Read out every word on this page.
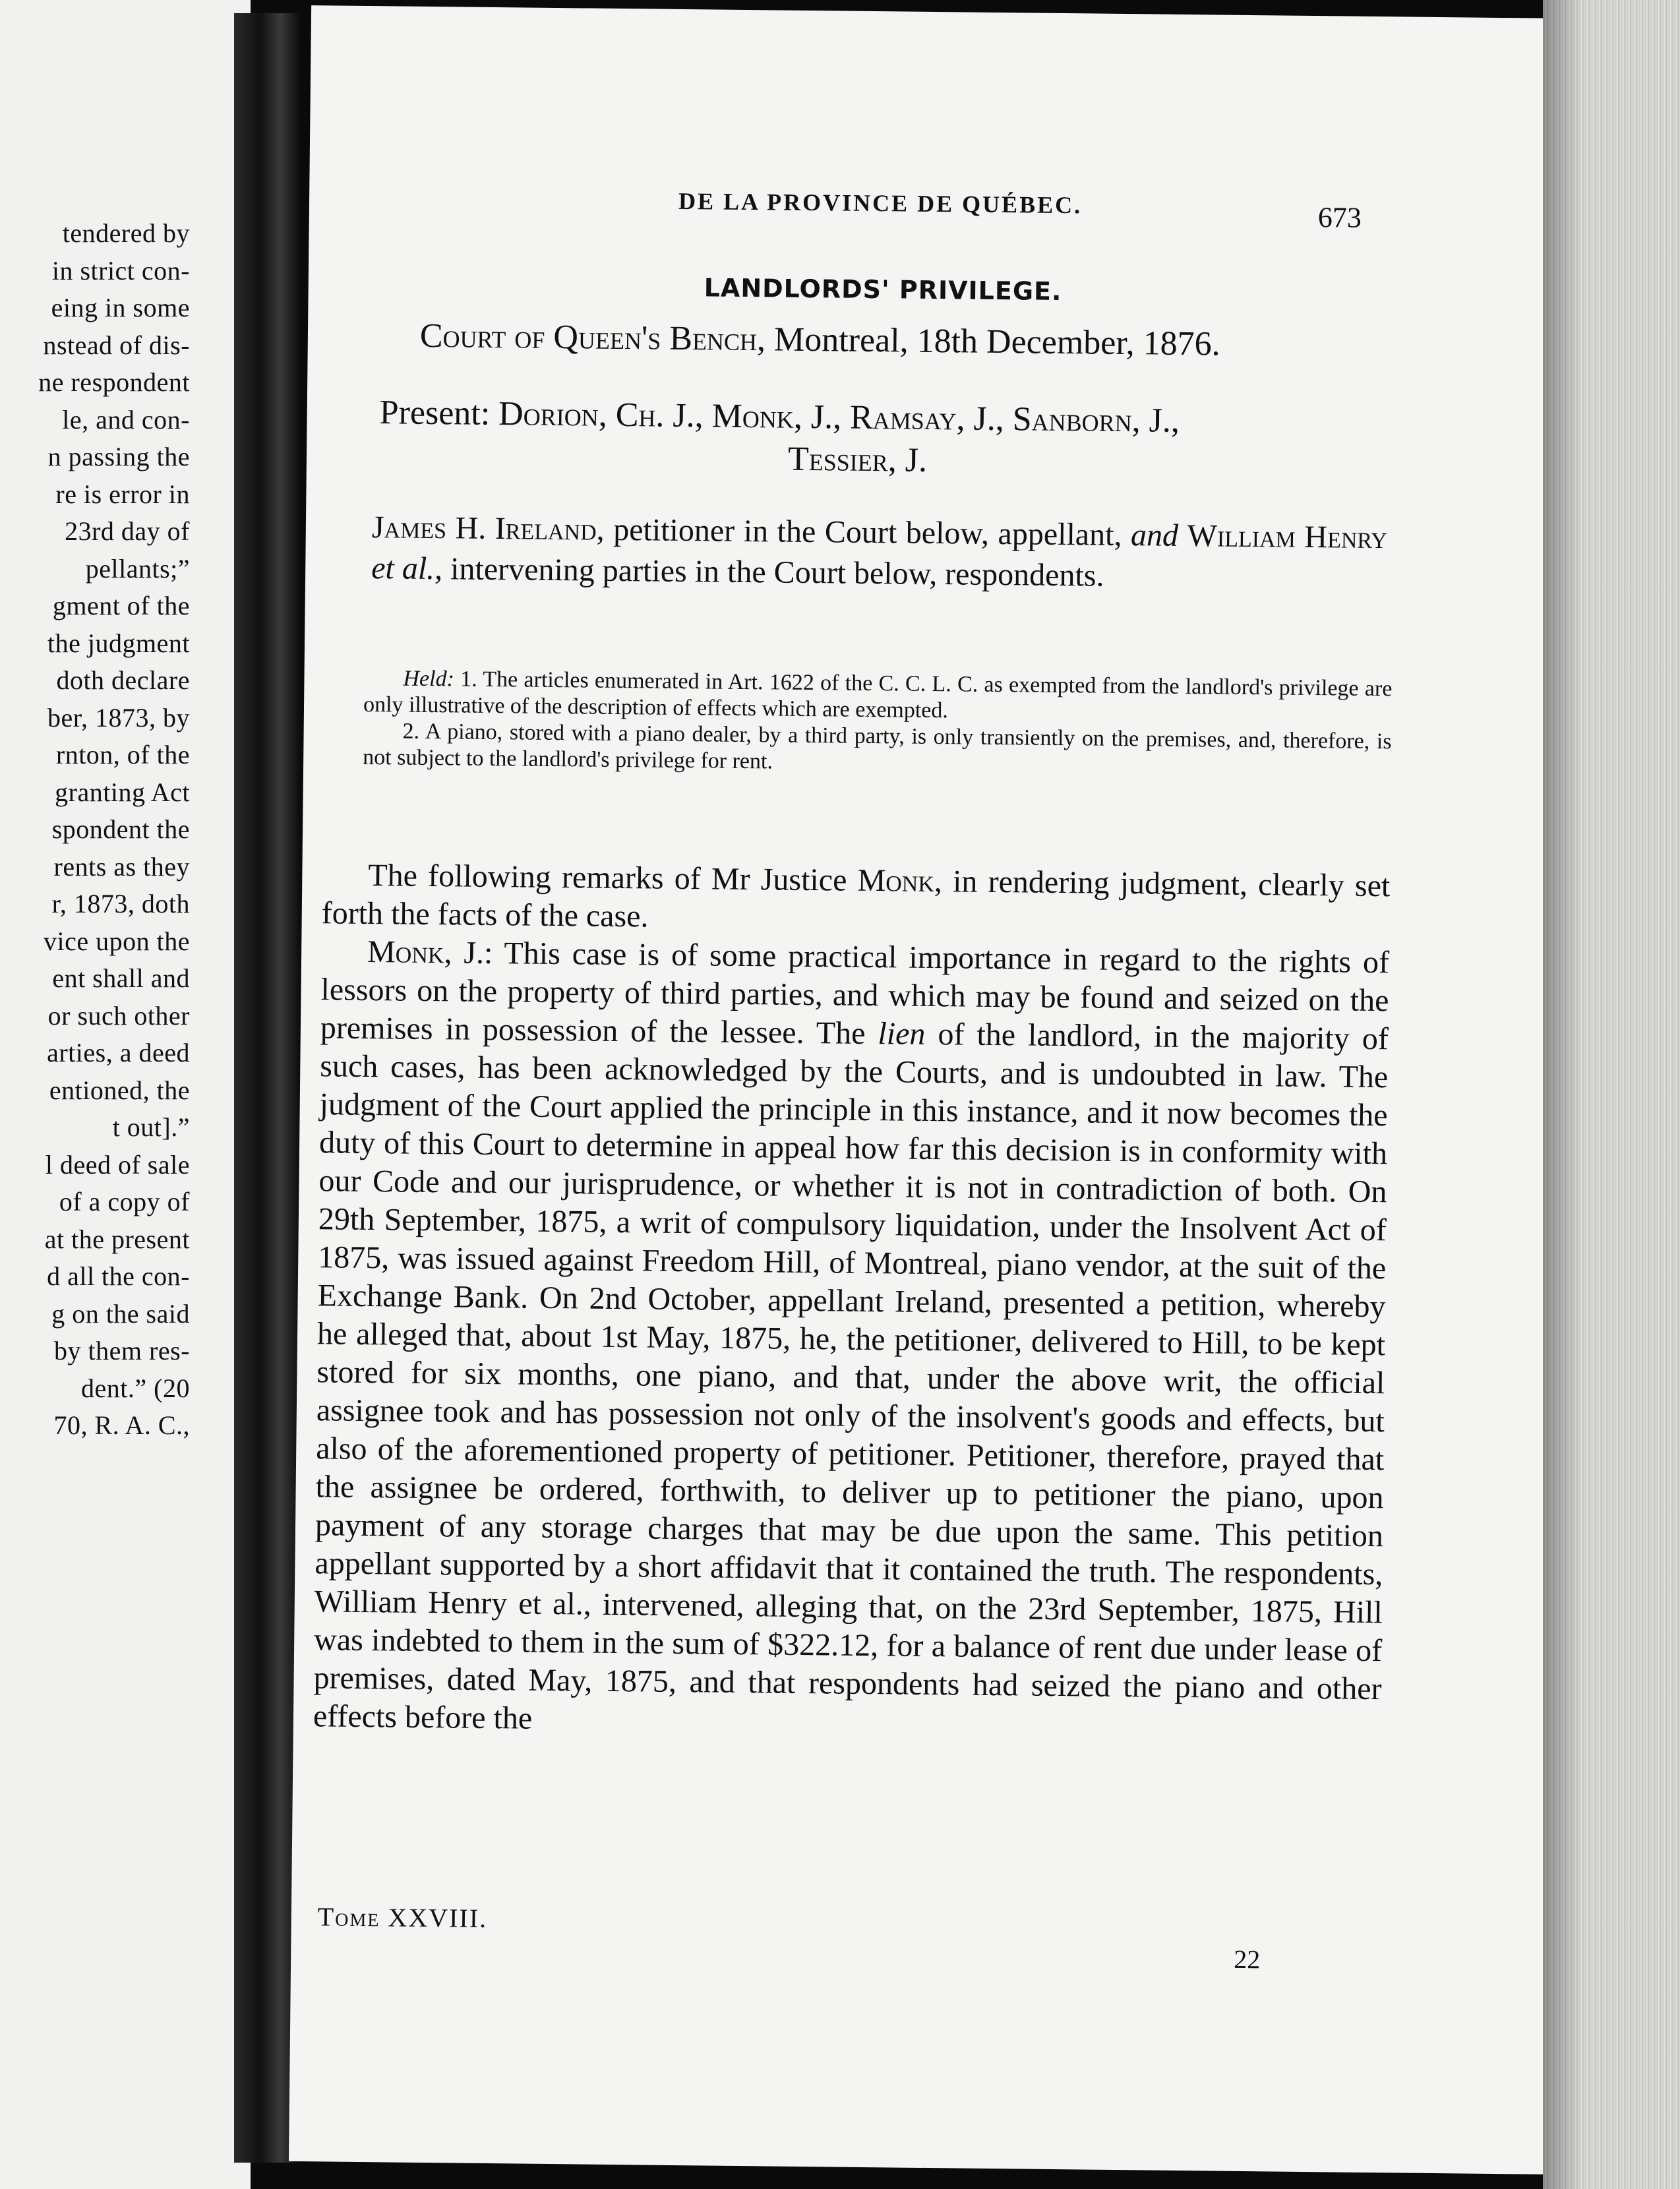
tendered by
in strict con-
eing in some
nstead of dis-
ne respondent
le, and con-
n passing the
re is error in
23rd day of
pellants;”
gment of the
the judgment
doth declare
ber, 1873, by
rnton, of the
granting Act
spondent the
rents as they
r, 1873, doth
vice upon the
ent shall and
or such other
arties, a deed
entioned, the
t out].”
l deed of sale
of a copy of
at the present
d all the con-
g on the said
by them res-
dent.” (20
70, R. A. C.,
DE LA PROVINCE DE QUÉBEC.	673
LANDLORDS' PRIVILEGE.
Court of Queen's Bench, Montreal, 18th December, 1876.
Present: Dorion, Ch. J., Monk, J., Ramsay, J., Sanborn, J.,
Tessier, J.
James H. Ireland, petitioner in the Court below, appellant, and William Henry et al., intervening parties in the Court below, respondents.
Held: 1. The articles enumerated in Art. 1622 of the C. C. L. C. as exempted from the landlord's privilege are only illustrative of the description of effects which are exempted.
2. A piano, stored with a piano dealer, by a third party, is only transiently on the premises, and, therefore, is not subject to the landlord's privilege for rent.

The following remarks of Mr Justice Monk, in rendering judgment, clearly set forth the facts of the case.

Monk, J.: This case is of some practical importance in regard to the rights of lessors on the property of third parties, and which may be found and seized on the premises in possession of the lessee. The lien of the landlord, in the majority of such cases, has been acknowledged by the Courts, and is undoubted in law. The judgment of the Court applied the principle in this instance, and it now becomes the duty of this Court to determine in appeal how far this decision is in conformity with our Code and our jurisprudence, or whether it is not in contradiction of both. On 29th September, 1875, a writ of compulsory liquidation, under the Insolvent Act of 1875, was issued against Freedom Hill, of Montreal, piano vendor, at the suit of the Exchange Bank. On 2nd October, appellant Ireland, presented a petition, whereby he alleged that, about 1st May, 1875, he, the petitioner, delivered to Hill, to be kept stored for six months, one piano, and that, under the above writ, the official assignee took and has possession not only of the insolvent's goods and effects, but also of the aforementioned property of petitioner. Petitioner, therefore, prayed that the assignee be ordered, forthwith, to deliver up to petitioner the piano, upon payment of any storage charges that may be due upon the same. This petition appellant supported by a short affidavit that it contained the truth. The respondents, William Henry et al., intervened, alleging that, on the 23rd September, 1875, Hill was indebted to them in the sum of $322.12, for a balance of rent due under lease of premises, dated May, 1875, and that respondents had seized the piano and other effects before the

Tome XXVIII.
22
